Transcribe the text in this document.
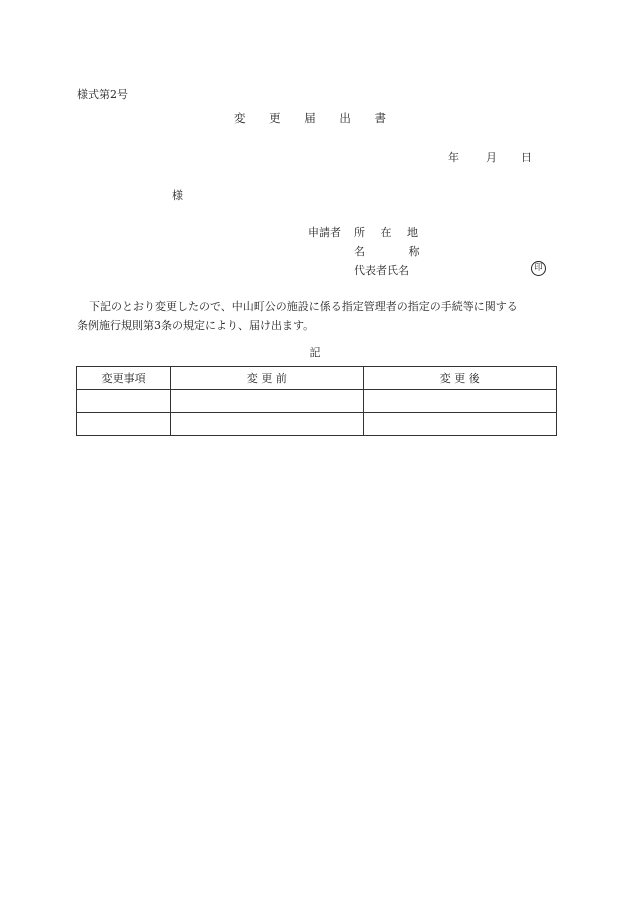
様式第2号
変 更 届 出 書
年 月 日
様
申請者 所 在 地
名 称
代表者氏名	印
下記のとおり変更したので、中山町公の施設に係る指定管理者の指定の手続等に関する
条例施行規則第3条の規定により、届け出ます。
記
変更事項	変 更 前	変 更 後
